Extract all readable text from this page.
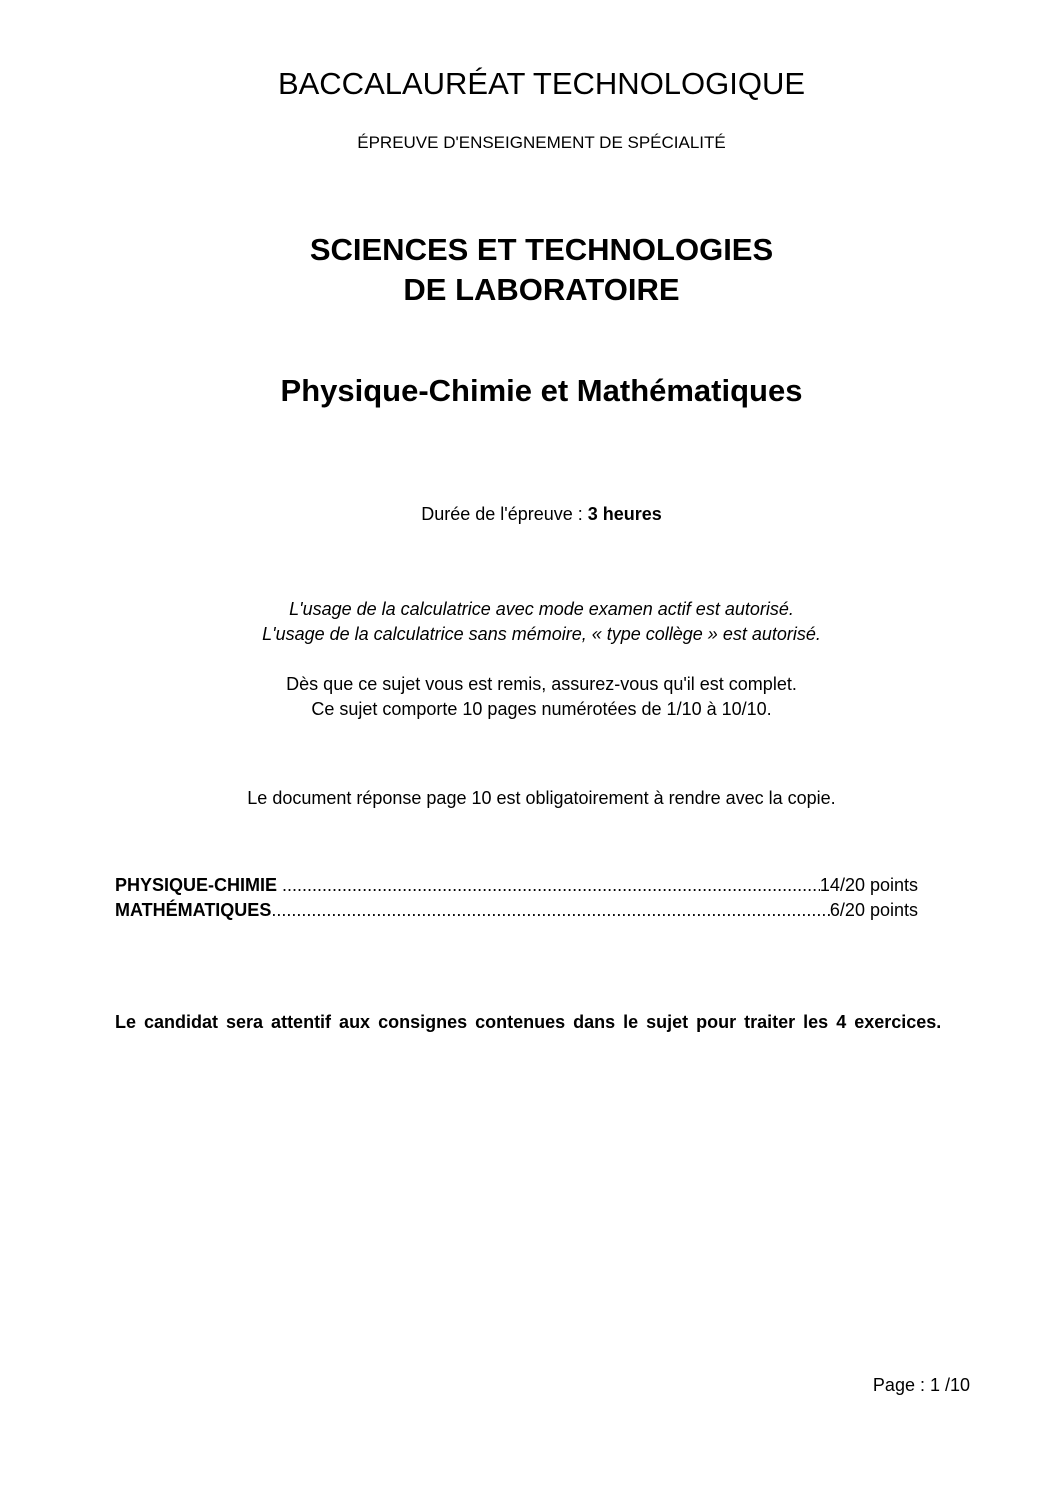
BACCALAURÉAT TECHNOLOGIQUE
ÉPREUVE D'ENSEIGNEMENT DE SPÉCIALITÉ
SCIENCES ET TECHNOLOGIES
DE LABORATOIRE
Physique-Chimie et Mathématiques
Durée de l'épreuve : 3 heures
L'usage de la calculatrice avec mode examen actif est autorisé.
L'usage de la calculatrice sans mémoire, « type collège » est autorisé.
Dès que ce sujet vous est remis, assurez-vous qu'il est complet.
Ce sujet comporte 10 pages numérotées de 1/10 à 10/10.
Le document réponse page 10 est obligatoirement à rendre avec la copie.
PHYSIQUE-CHIMIE .....	14/20 points
MATHÉMATIQUES .....	6/20 points
Le candidat sera attentif aux consignes contenues dans le sujet pour traiter les 4 exercices.
Page : 1 /10
